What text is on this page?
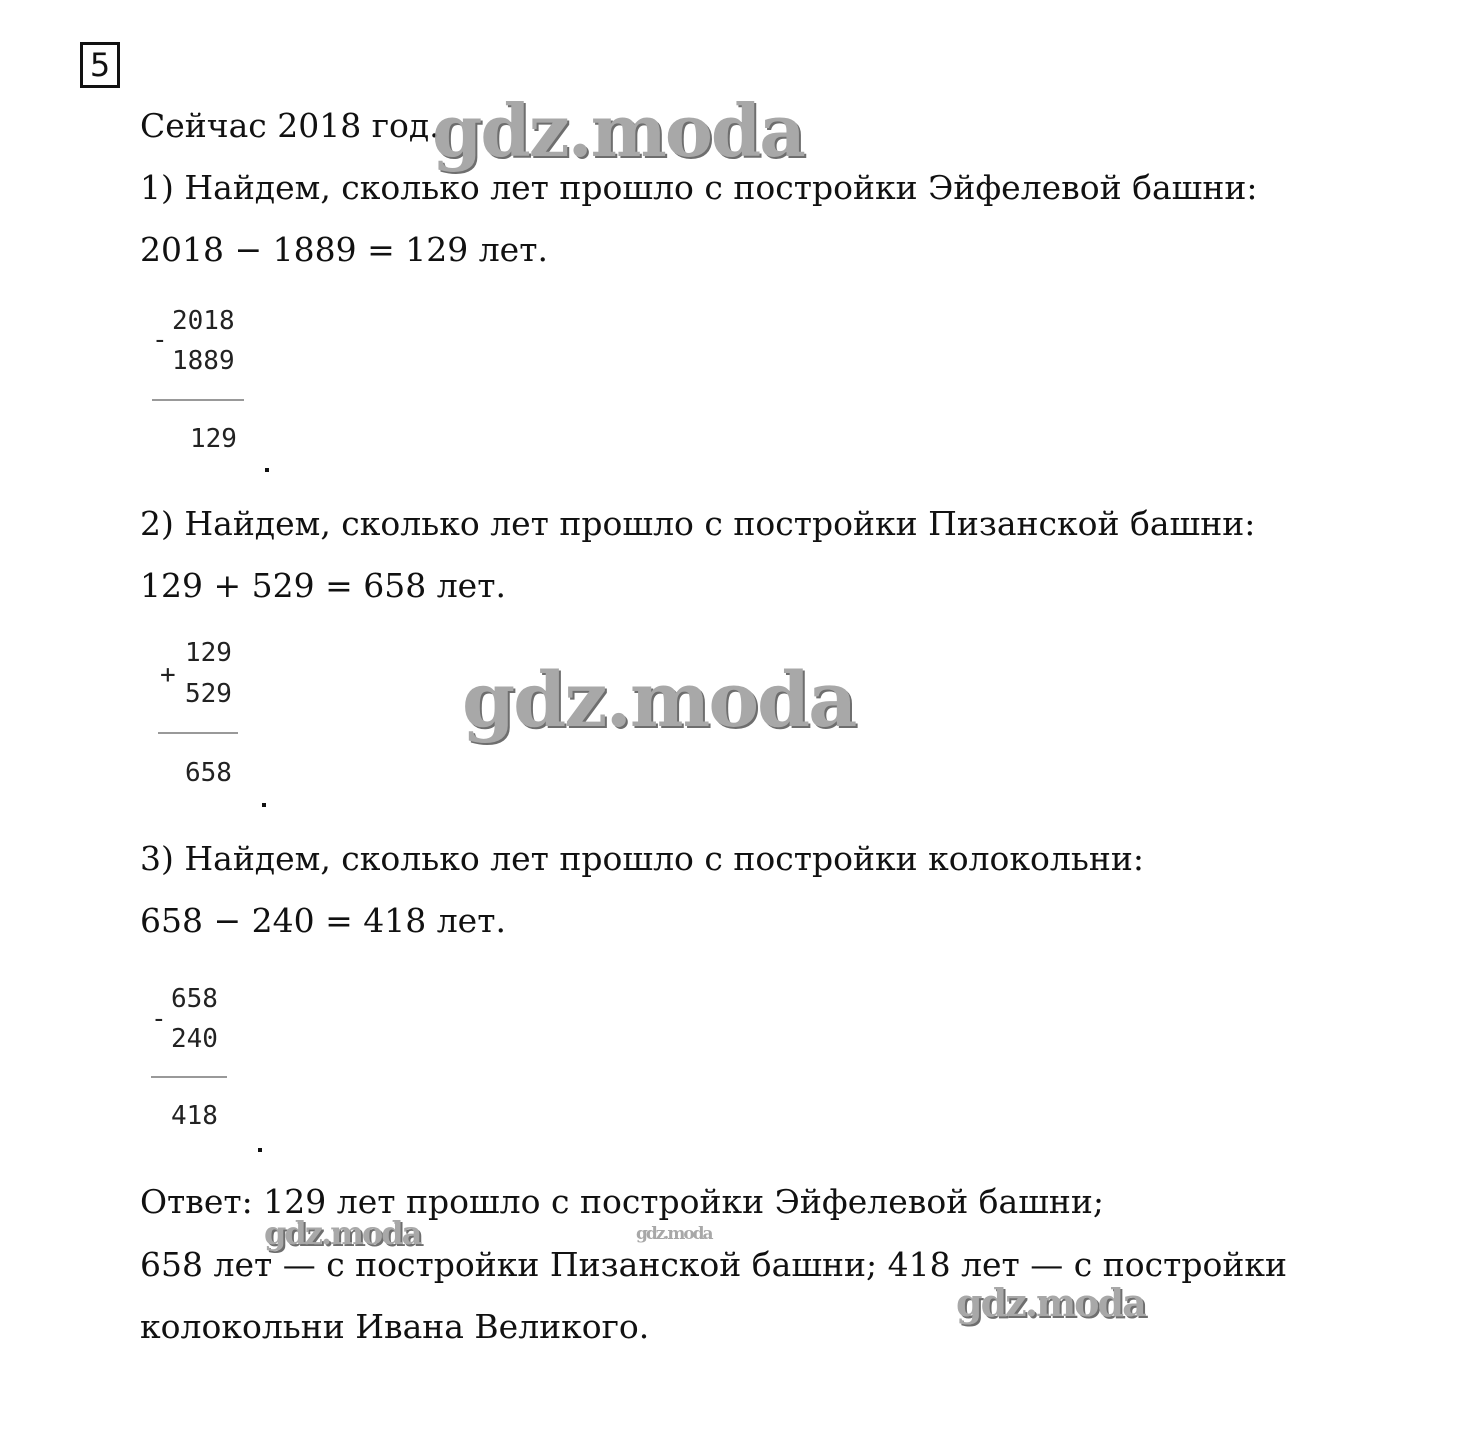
5
Сейчас 2018 год.
1) Найдем, сколько лет прошло с постройки Эйфелевой башни:
2018 − 1889 = 129 лет.
-
2018
1889
129
2) Найдем, сколько лет прошло с постройки Пизанской башни:
129 + 529 = 658 лет.
+
129
529
658
3) Найдем, сколько лет прошло с постройки колокольни:
658 − 240 = 418 лет.
-
658
240
418
Ответ: 129 лет прошло с постройки Эйфелевой башни;
658 лет — с постройки Пизанской башни; 418 лет — с постройки
колокольни Ивана Великого.
gdz.moda
gdz.moda
gdz.moda	gdz.moda
gdz.moda
